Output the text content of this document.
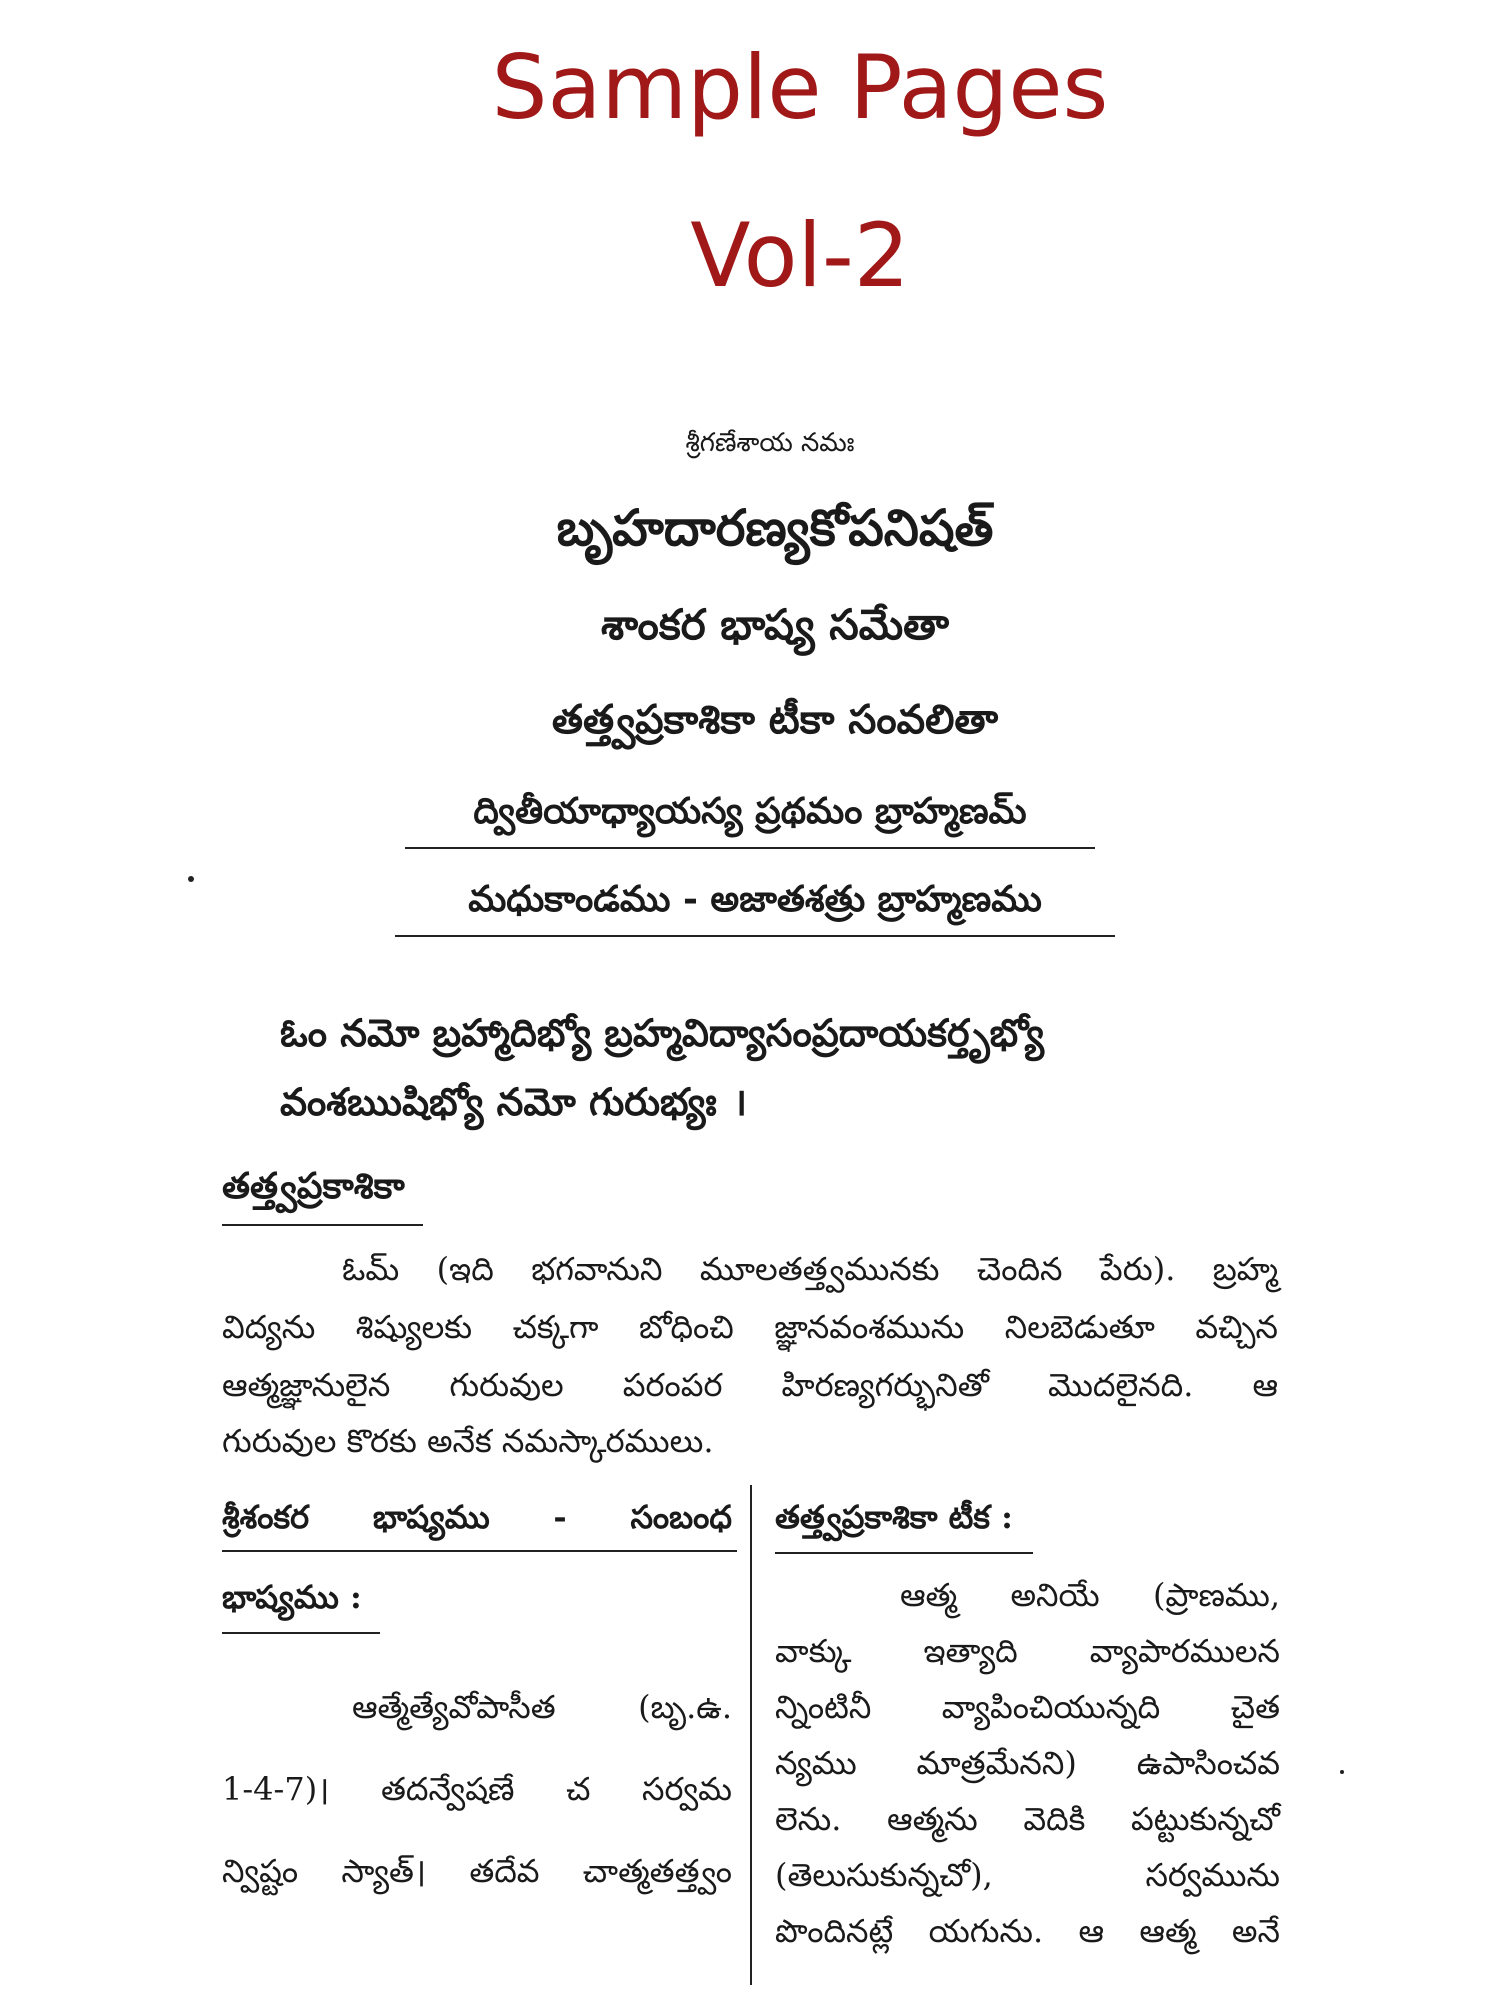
Sample Pages
Vol-2
శ్రీగణేశాయ నమః
బృహదారణ్యకోపనిషత్
శాంకర భాష్య సమేతా
తత్త్వప్రకాశికా టీకా సంవలితా
ద్వితీయాధ్యాయస్య ప్రథమం బ్రాహ్మణమ్
మధుకాండము - అజాతశత్రు బ్రాహ్మణము
ఓం నమో బ్రహ్మాదిభ్యో బ్రహ్మవిద్యాసంప్రదాయకర్తృభ్యో
వంశఋషిభ్యో నమో గురుభ్యః ।
తత్త్వప్రకాశికా
ఓమ్ (ఇది భగవానుని మూలతత్త్వమునకు చెందిన పేరు). బ్రహ్మ
విద్యను శిష్యులకు చక్కగా బోధించి జ్ఞానవంశమును నిలబెడుతూ వచ్చిన
ఆత్మజ్ఞానులైన గురువుల పరంపర హిరణ్యగర్భునితో మొదలైనది. ఆ
గురువుల కొరకు అనేక నమస్కారములు.
శ్రీశంకర భాష్యము - సంబంధ
భాష్యము :
ఆత్మేత్యేవోపాసీత (బృ.ఉ.
1-4-7)। తదన్వేషణే చ సర్వమ
న్విష్టం స్యాత్। తదేవ చాత్మతత్త్వం
తత్త్వప్రకాశికా టీక :
ఆత్మ అనియే (ప్రాణము,
వాక్కు ఇత్యాది వ్యాపారములన
న్నింటినీ వ్యాపించియున్నది చైత
న్యము మాత్రమేనని) ఉపాసించవ
లెను. ఆత్మను వెదికి పట్టుకున్నచో
(తెలుసుకున్నచో), సర్వమును
పొందినట్లే యగును. ఆ ఆత్మ అనే
